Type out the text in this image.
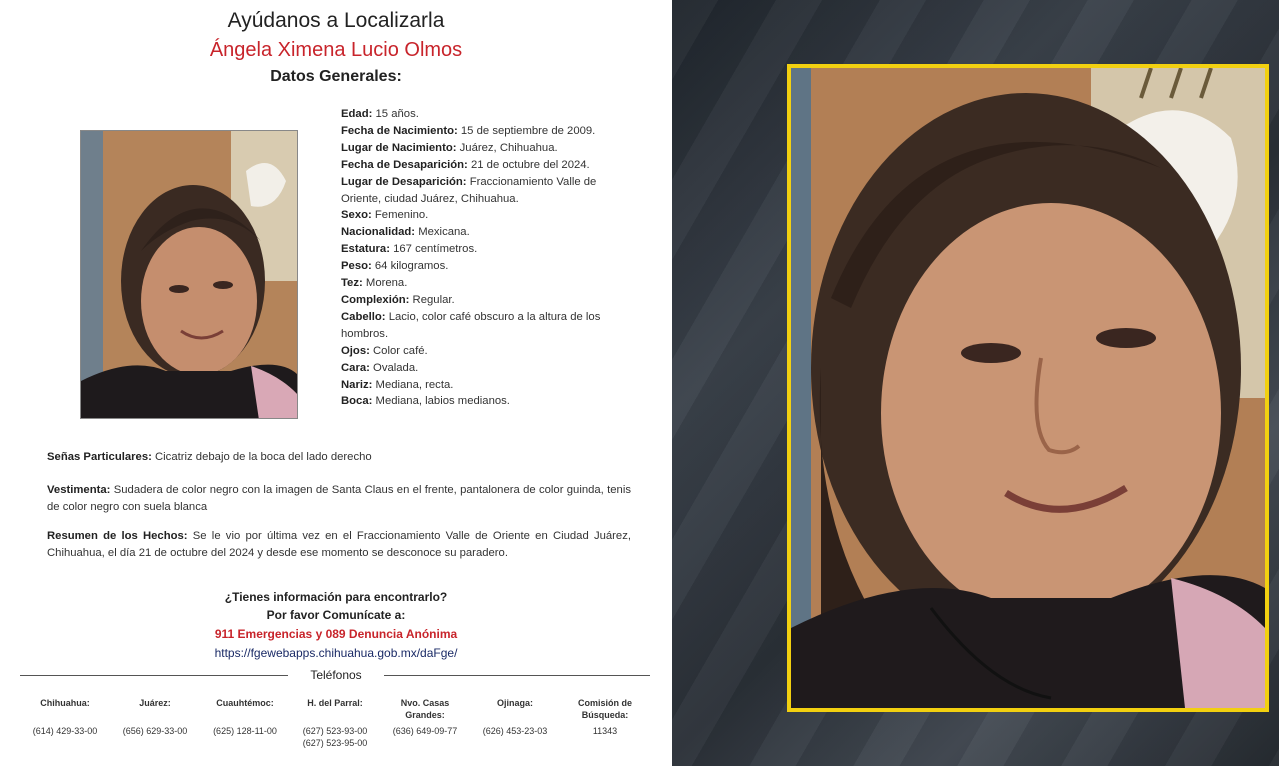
Ayúdanos a Localizarla
Ángela Ximena Lucio Olmos
Datos Generales:
Edad: 15 años.
Fecha de Nacimiento: 15 de septiembre de 2009.
Lugar de Nacimiento: Juárez, Chihuahua.
Fecha de Desaparición: 21 de octubre del 2024.
Lugar de Desaparición: Fraccionamiento Valle de Oriente, ciudad Juárez, Chihuahua.
Sexo: Femenino.
Nacionalidad: Mexicana.
Estatura: 167 centímetros.
Peso: 64 kilogramos.
Tez: Morena.
Complexión: Regular.
Cabello: Lacio, color café obscuro a la altura de los hombros.
Ojos: Color café.
Cara: Ovalada.
Nariz: Mediana, recta.
Boca: Mediana, labios medianos.
Señas Particulares: Cicatriz debajo de la boca del lado derecho
Vestimenta: Sudadera de color negro con la imagen de Santa Claus en el frente, pantalonera de color guinda, tenis de color negro con suela blanca
Resumen de los Hechos: Se le vio por última vez en el Fraccionamiento Valle de Oriente en Ciudad Juárez, Chihuahua, el día 21 de octubre del 2024 y desde ese momento se desconoce su paradero.
¿Tienes información para encontrarlo?
Por favor Comunícate a:
911 Emergencias y 089 Denuncia Anónima
https://fgewebapps.chihuahua.gob.mx/daFge/
Teléfonos
Chihuahua:
(614) 429-33-00
Juárez:
(656) 629-33-00
Cuauhtémoc:
(625) 128-11-00
H. del Parral:
(627) 523-93-00
(627) 523-95-00
Nvo. Casas Grandes:
(636) 649-09-77
Ojinaga:
(626) 453-23-03
Comisión de Búsqueda:
11343
